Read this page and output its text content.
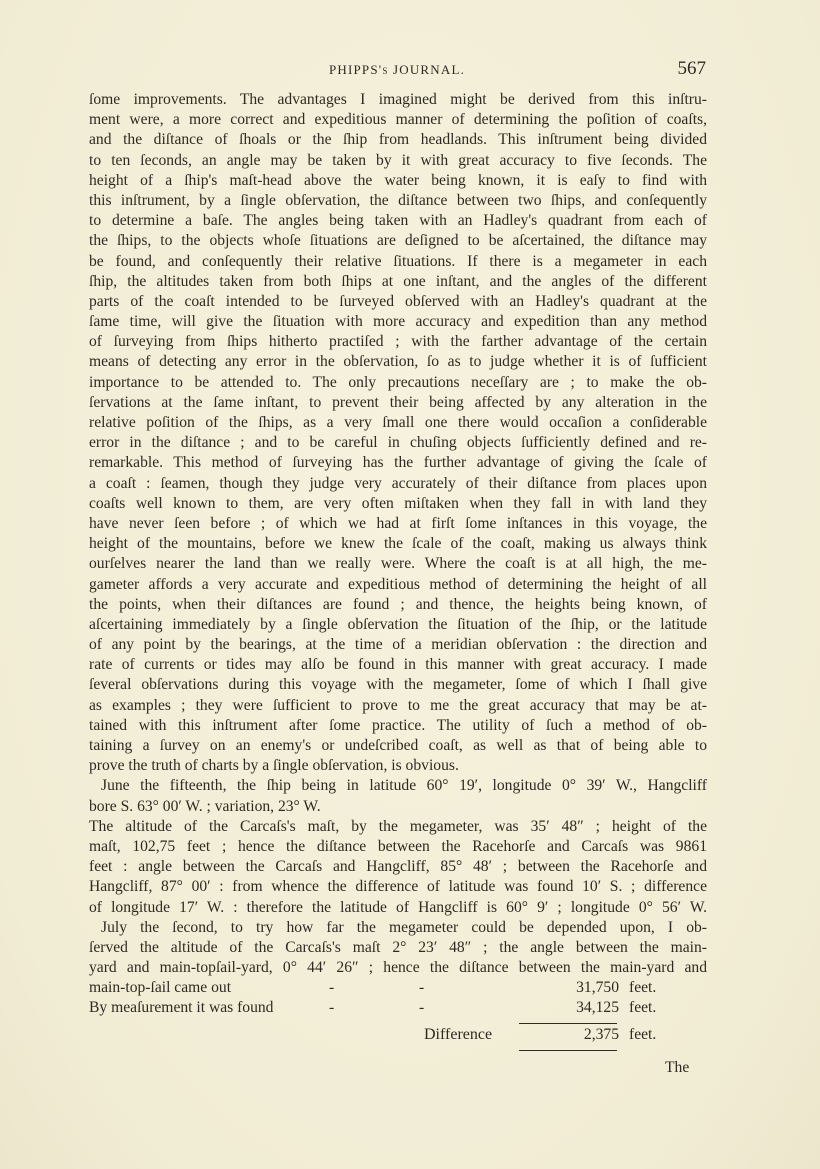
PHIPPS's JOURNAL.	567
ſome improvements. The advantages I imagined might be derived from this inſtru-
ment were, a more correct and expeditious manner of determining the poſition of coaſts,
and the diſtance of ſhoals or the ſhip from headlands. This inſtrument being divided
to ten ſeconds, an angle may be taken by it with great accuracy to five ſeconds. The
height of a ſhip's maſt-head above the water being known, it is eaſy to find with
this inſtrument, by a ſingle obſervation, the diſtance between two ſhips, and conſequently
to determine a baſe. The angles being taken with an Hadley's quadrant from each of
the ſhips, to the objects whoſe ſituations are deſigned to be aſcertained, the diſtance may
be found, and conſequently their relative ſituations. If there is a megameter in each
ſhip, the altitudes taken from both ſhips at one inſtant, and the angles of the different
parts of the coaſt intended to be ſurveyed obſerved with an Hadley's quadrant at the
ſame time, will give the ſituation with more accuracy and expedition than any method
of ſurveying from ſhips hitherto practiſed ; with the farther advantage of the certain
means of detecting any error in the obſervation, ſo as to judge whether it is of ſufficient
importance to be attended to. The only precautions neceſſary are ; to make the ob-
ſervations at the ſame inſtant, to prevent their being affected by any alteration in the
relative poſition of the ſhips, as a very ſmall one there would occaſion a conſiderable
error in the diſtance ; and to be careful in chuſing objects ſufficiently defined and re-
remarkable. This method of ſurveying has the further advantage of giving the ſcale of
a coaſt : ſeamen, though they judge very accurately of their diſtance from places upon
coaſts well known to them, are very often miſtaken when they fall in with land they
have never ſeen before ; of which we had at firſt ſome inſtances in this voyage, the
height of the mountains, before we knew the ſcale of the coaſt, making us always think
ourſelves nearer the land than we really were. Where the coaſt is at all high, the me-
gameter affords a very accurate and expeditious method of determining the height of all
the points, when their diſtances are found ; and thence, the heights being known, of
aſcertaining immediately by a ſingle obſervation the ſituation of the ſhip, or the latitude
of any point by the bearings, at the time of a meridian obſervation : the direction and
rate of currents or tides may alſo be found in this manner with great accuracy. I made
ſeveral obſervations during this voyage with the megameter, ſome of which I ſhall give
as examples ; they were ſufficient to prove to me the great accuracy that may be at-
tained with this inſtrument after ſome practice. The utility of ſuch a method of ob-
taining a ſurvey on an enemy's or undeſcribed coaſt, as well as that of being able to
prove the truth of charts by a ſingle obſervation, is obvious.
June the fifteenth, the ſhip being in latitude 60° 19′, longitude 0° 39′ W., Hangcliff
bore S. 63° 00′ W. ; variation, 23° W.
The altitude of the Carcaſs's maſt, by the megameter, was 35′ 48″ ; height of the
maſt, 102,75 feet ; hence the diſtance between the Racehorſe and Carcaſs was 9861
feet : angle between the Carcaſs and Hangcliff, 85° 48′ ; between the Racehorſe and
Hangcliff, 87° 00′ : from whence the difference of latitude was found 10′ S. ; difference
of longitude 17′ W. : therefore the latitude of Hangcliff is 60° 9′ ; longitude 0° 56′ W.
July the ſecond, to try how far the megameter could be depended upon, I ob-
ſerved the altitude of the Carcaſs's maſt 2° 23′ 48″ ; the angle between the main-
yard and main-topſail-yard, 0° 44′ 26″ ; hence the diſtance between the main-yard and
main-top-ſail came out	-	-	31,750 feet.
By meaſurement it was found	-	-	34,125 feet.
Difference	2,375 feet.
The
